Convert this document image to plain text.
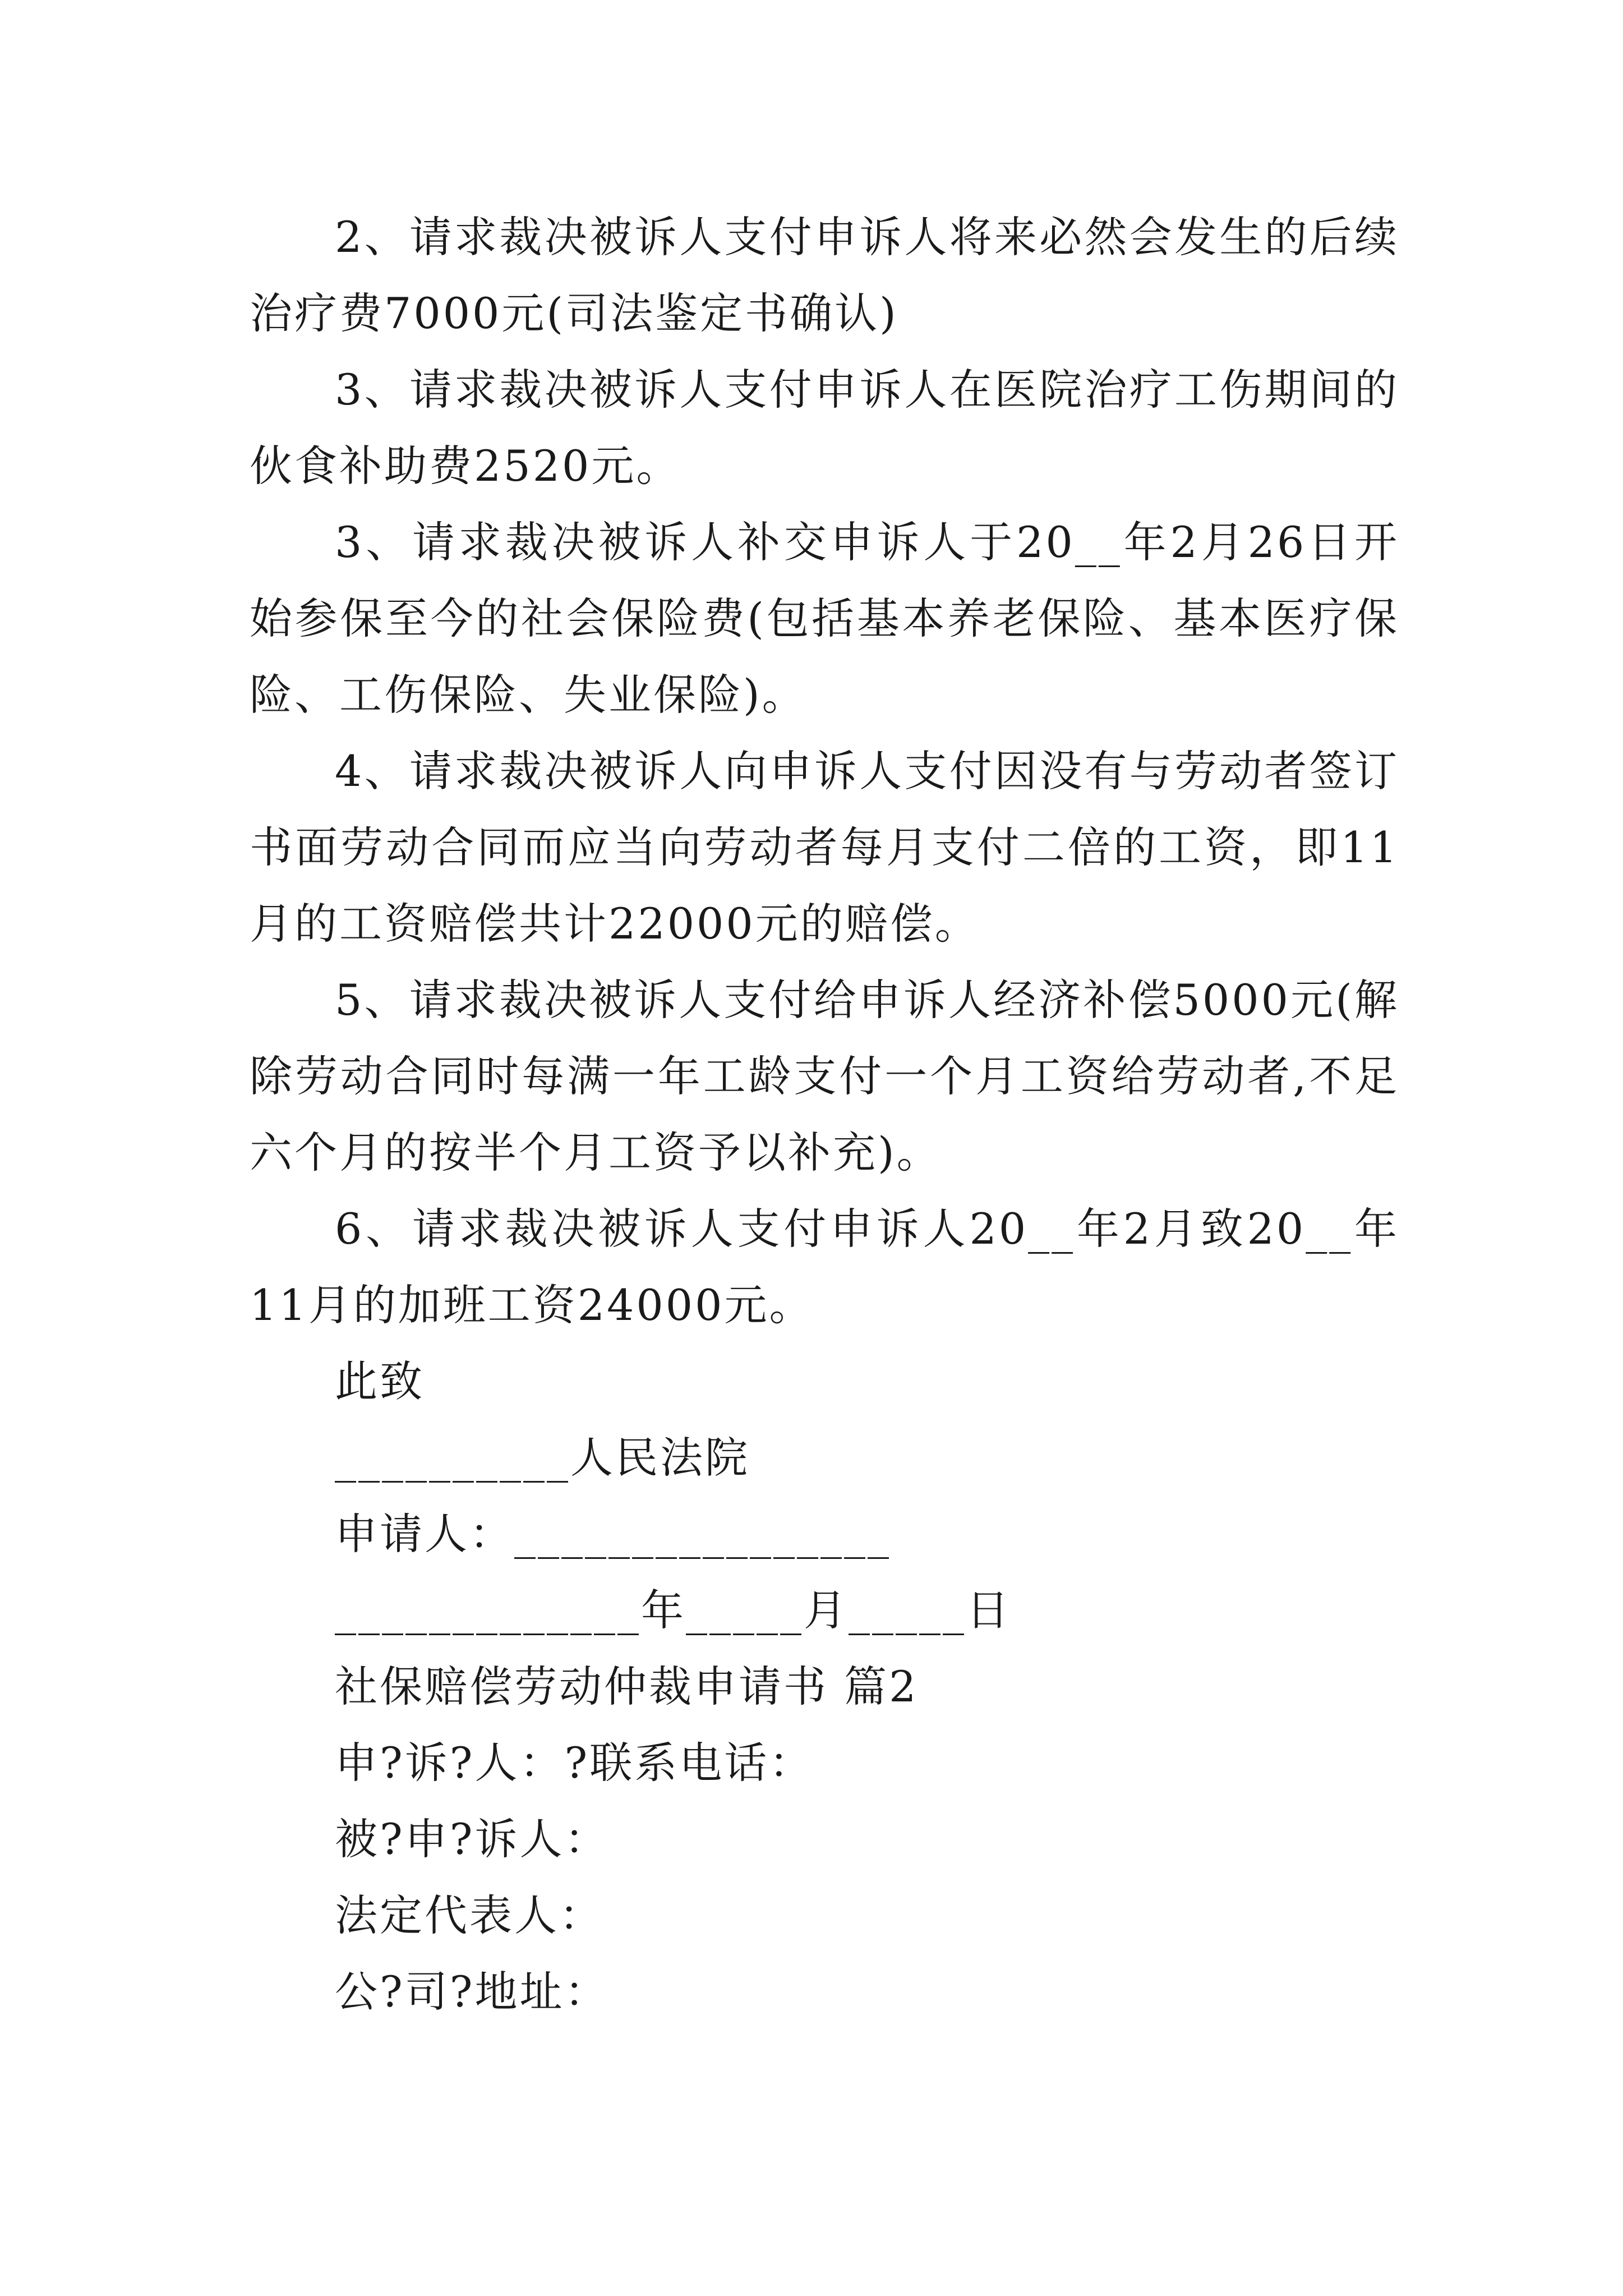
2、请求裁决被诉人支付申诉人将来必然会发生的后续治疗费7000元(司法鉴定书确认)

3、请求裁决被诉人支付申诉人在医院治疗工伤期间的伙食补助费2520元。

3、请求裁决被诉人补交申诉人于20__年2月26日开始参保至今的社会保险费(包括基本养老保险、基本医疗保险、工伤保险、失业保险)。

4、请求裁决被诉人向申诉人支付因没有与劳动者签订书面劳动合同而应当向劳动者每月支付二倍的工资，即11月的工资赔偿共计22000元的赔偿。

5、请求裁决被诉人支付给申诉人经济补偿5000元(解除劳动合同时每满一年工龄支付一个月工资给劳动者,不足六个月的按半个月工资予以补充)。

6、请求裁决被诉人支付申诉人20__年2月致20__年11月的加班工资24000元。

此致

__________人民法院

申请人：________________

_____________年_____月_____日

社保赔偿劳动仲裁申请书 篇2

申?诉?人：?联系电话：

被?申?诉人：

法定代表人：

公?司?地址：
